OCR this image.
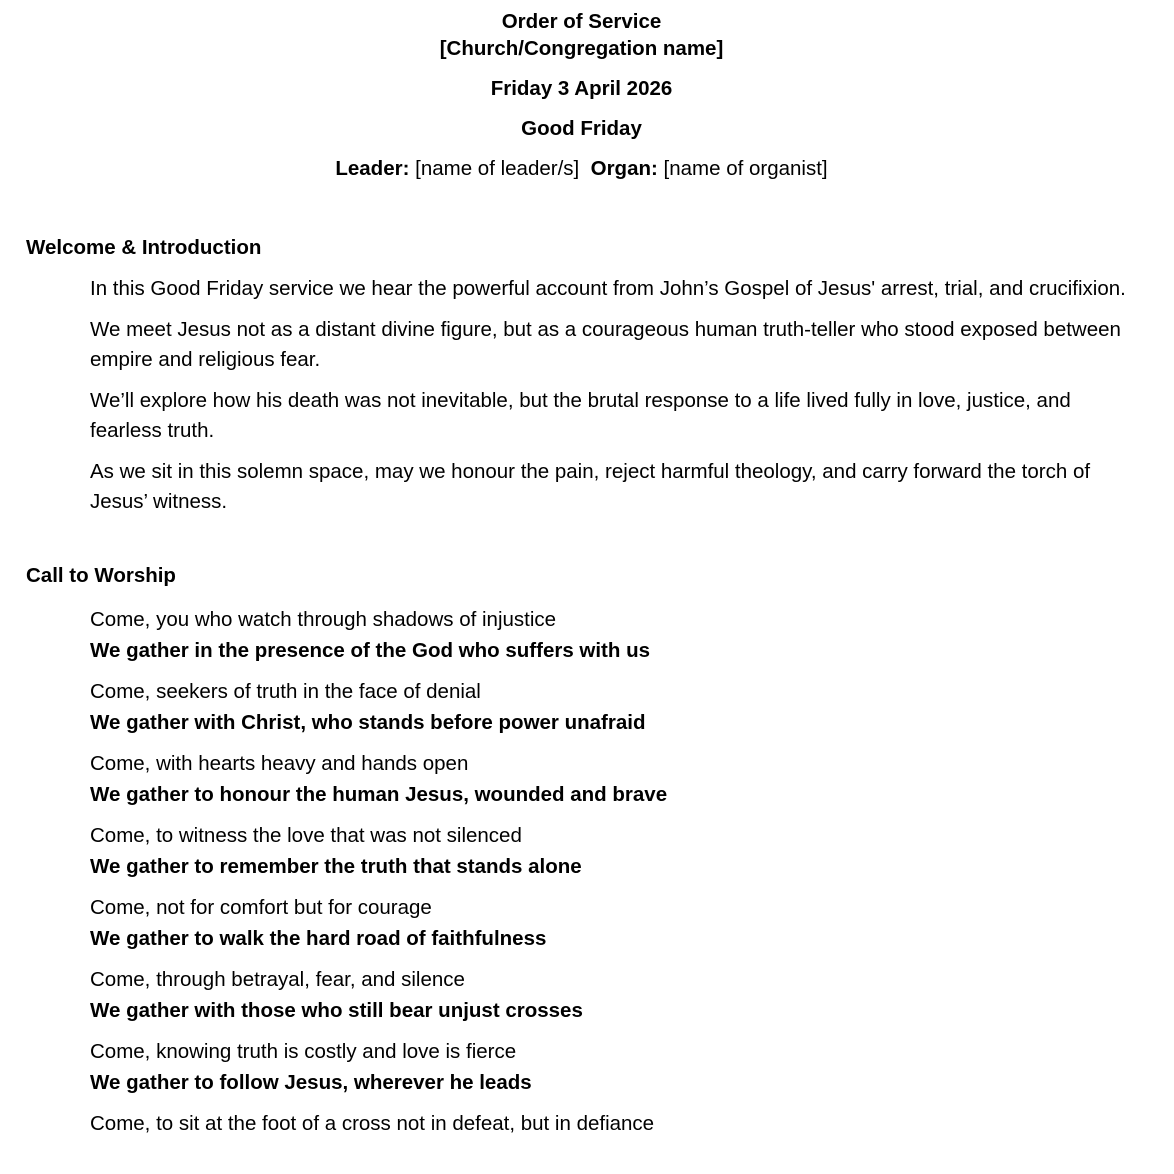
Order of Service
[Church/Congregation name]
Friday 3 April 2026
Good Friday
Leader: [name of leader/s] Organ: [name of organist]
Welcome & Introduction

In this Good Friday service we hear the powerful account from John’s Gospel of Jesus' arrest, trial, and crucifixion.

We meet Jesus not as a distant divine figure, but as a courageous human truth-teller who stood exposed between empire and religious fear.

We’ll explore how his death was not inevitable, but the brutal response to a life lived fully in love, justice, and fearless truth.

As we sit in this solemn space, may we honour the pain, reject harmful theology, and carry forward the torch of Jesus’ witness.

Call to Worship

Come, you who watch through shadows of injustice

We gather in the presence of the God who suffers with us

Come, seekers of truth in the face of denial

We gather with Christ, who stands before power unafraid

Come, with hearts heavy and hands open

We gather to honour the human Jesus, wounded and brave

Come, to witness the love that was not silenced

We gather to remember the truth that stands alone

Come, not for comfort but for courage

We gather to walk the hard road of faithfulness

Come, through betrayal, fear, and silence

We gather with those who still bear unjust crosses

Come, knowing truth is costly and love is fierce

We gather to follow Jesus, wherever he leads

Come, to sit at the foot of a cross not in defeat, but in defiance
